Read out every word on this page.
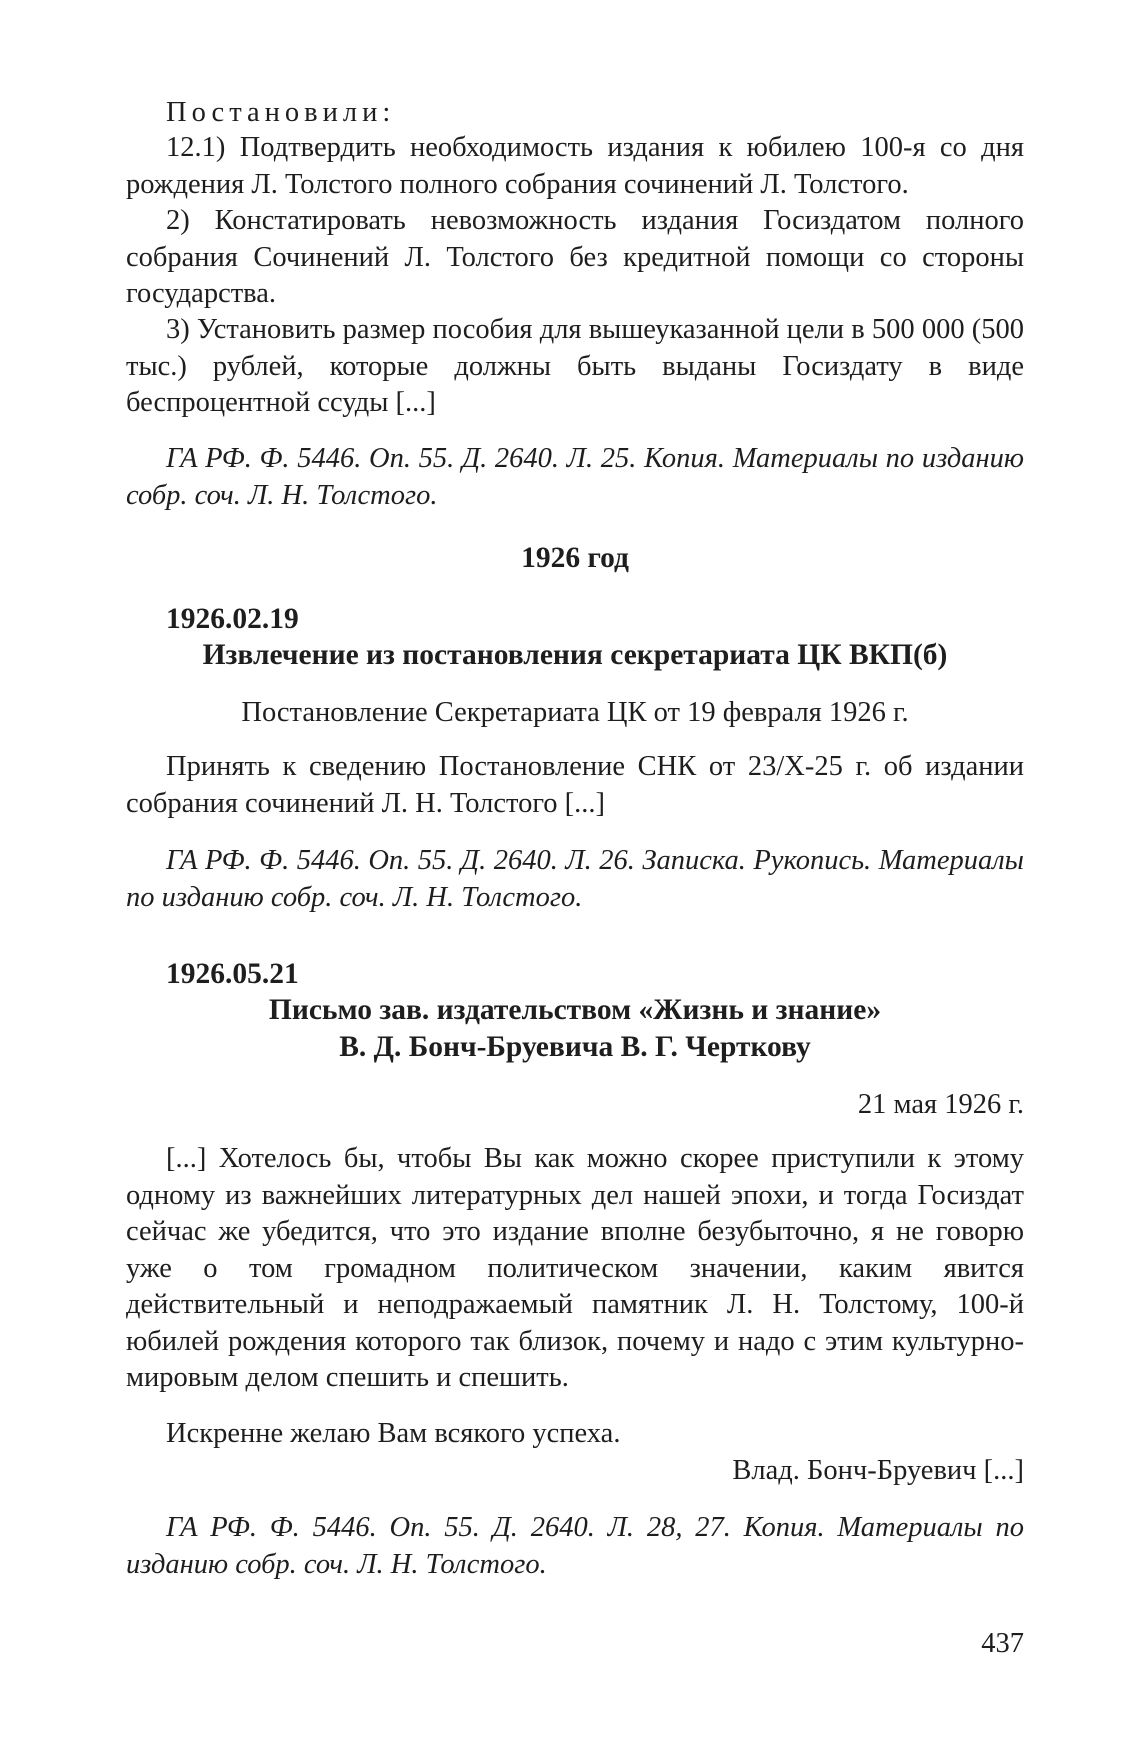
Постановили:

12.1) Подтвердить необходимость издания к юбилею 100-я со дня рождения Л. Толстого полного собрания сочинений Л. Толстого.

2) Констатировать невозможность издания Госиздатом полного собрания Сочинений Л. Толстого без кредитной помощи со стороны государства.

3) Установить размер пособия для вышеуказанной цели в 500 000 (500 тыс.) рублей, которые должны быть выданы Госиздату в виде беспроцентной ссуды [...]

ГА РФ. Ф. 5446. Оп. 55. Д. 2640. Л. 25. Копия. Материалы по изданию собр. соч. Л. Н. Толстого.

1926 год

1926.02.19

Извлечение из постановления секретариата ЦК ВКП(б)

Постановление Секретариата ЦК от 19 февраля 1926 г.

Принять к сведению Постановление СНК от 23/Х-25 г. об издании собрания сочинений Л. Н. Толстого [...]

ГА РФ. Ф. 5446. Оп. 55. Д. 2640. Л. 26. Записка. Рукопись. Материалы по изданию собр. соч. Л. Н. Толстого.

1926.05.21

Письмо зав. издательством «Жизнь и знание»

В. Д. Бонч-Бруевича В. Г. Черткову

21 мая 1926 г.

[...] Хотелось бы, чтобы Вы как можно скорее приступили к этому одному из важнейших литературных дел нашей эпохи, и тогда Госиздат сейчас же убедится, что это издание вполне безубыточно, я не говорю уже о том громадном политическом значении, каким явится действительный и неподражаемый памятник Л. Н. Толстому, 100-й юбилей рождения которого так близок, почему и надо с этим культурно-мировым делом спешить и спешить.

Искренне желаю Вам всякого успеха.

Влад. Бонч-Бруевич [...]

ГА РФ. Ф. 5446. Оп. 55. Д. 2640. Л. 28, 27. Копия. Материалы по изданию собр. соч. Л. Н. Толстого.

437
